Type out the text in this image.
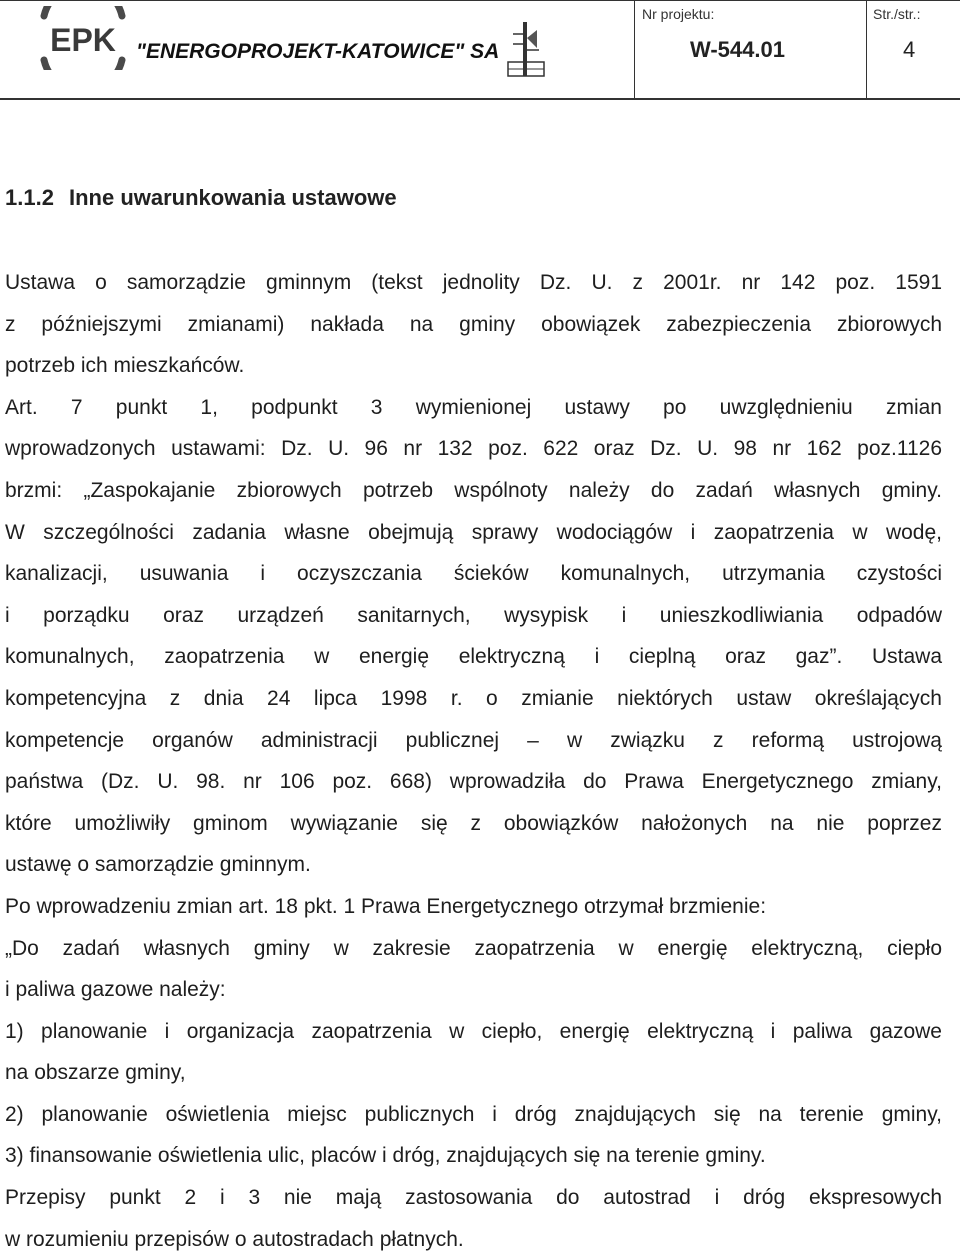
EPK "ENERGOPROJEKT-KATOWICE" SA
Nr projektu:
W-544.01
Str./str.:
4
1.1.2 Inne uwarunkowania ustawowe

Ustawa o samorządzie gminnym (tekst jednolity Dz. U. z 2001r. nr 142 poz. 1591

z późniejszymi zmianami) nakłada na gminy obowiązek zabezpieczenia zbiorowych

potrzeb ich mieszkańców.

Art. 7 punkt 1, podpunkt 3 wymienionej ustawy po uwzględnieniu zmian

wprowadzonych ustawami: Dz. U. 96 nr 132 poz. 622 oraz Dz. U. 98 nr 162 poz.1126

brzmi: „Zaspokajanie zbiorowych potrzeb wspólnoty należy do zadań własnych gminy.

W szczególności zadania własne obejmują sprawy wodociągów i zaopatrzenia w wodę,

kanalizacji, usuwania i oczyszczania ścieków komunalnych, utrzymania czystości

i porządku oraz urządzeń sanitarnych, wysypisk i unieszkodliwiania odpadów

komunalnych, zaopatrzenia w energię elektryczną i cieplną oraz gaz”. Ustawa

kompetencyjna z dnia 24 lipca 1998 r. o zmianie niektórych ustaw określających

kompetencje organów administracji publicznej – w związku z reformą ustrojową

państwa (Dz. U. 98. nr 106 poz. 668) wprowadziła do Prawa Energetycznego zmiany,

które umożliwiły gminom wywiązanie się z obowiązków nałożonych na nie poprzez

ustawę o samorządzie gminnym.

Po wprowadzeniu zmian art. 18 pkt. 1 Prawa Energetycznego otrzymał brzmienie:

„Do zadań własnych gminy w zakresie zaopatrzenia w energię elektryczną, ciepło

i paliwa gazowe należy:

1) planowanie i organizacja zaopatrzenia w ciepło, energię elektryczną i paliwa gazowe

na obszarze gminy,

2) planowanie oświetlenia miejsc publicznych i dróg znajdujących się na terenie gminy,

3) finansowanie oświetlenia ulic, placów i dróg, znajdujących się na terenie gminy.

Przepisy punkt 2 i 3 nie mają zastosowania do autostrad i dróg ekspresowych

w rozumieniu przepisów o autostradach płatnych.
